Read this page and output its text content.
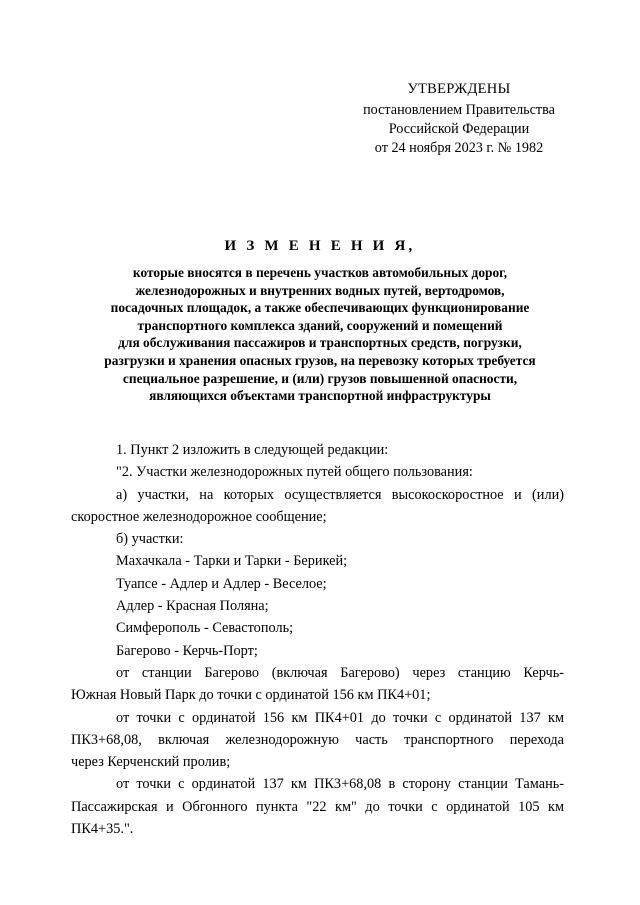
УТВЕРЖДЕНЫ
постановлением Правительства
Российской Федерации
от 24 ноября 2023 г. № 1982
И З М Е Н Е Н И Я,
которые вносятся в перечень участков автомобильных дорог,
железнодорожных и внутренних водных путей, вертодромов,
посадочных площадок, а также обеспечивающих функционирование
транспортного комплекса зданий, сооружений и помещений
для обслуживания пассажиров и транспортных средств, погрузки,
разгрузки и хранения опасных грузов, на перевозку которых требуется
специальное разрешение, и (или) грузов повышенной опасности,
являющихся объектами транспортной инфраструктуры
1. Пункт 2 изложить в следующей редакции:
"2. Участки железнодорожных путей общего пользования:
а) участки, на которых осуществляется высокоскоростное и (или)
скоростное железнодорожное сообщение;
б) участки:
Махачкала - Тарки и Тарки - Берикей;
Туапсе - Адлер и Адлер - Веселое;
Адлер - Красная Поляна;
Симферополь - Севастополь;
Багерово - Керчь-Порт;
от станции Багерово (включая Багерово) через станцию Керчь-
Южная Новый Парк до точки с ординатой 156 км ПК4+01;
от точки с ординатой 156 км ПК4+01 до точки с ординатой 137 км
ПК3+68,08, включая железнодорожную часть транспортного перехода
через Керченский пролив;
от точки с ординатой 137 км ПК3+68,08 в сторону станции Тамань-
Пассажирская и Обгонного пункта "22 км" до точки с ординатой 105 км
ПК4+35.".
